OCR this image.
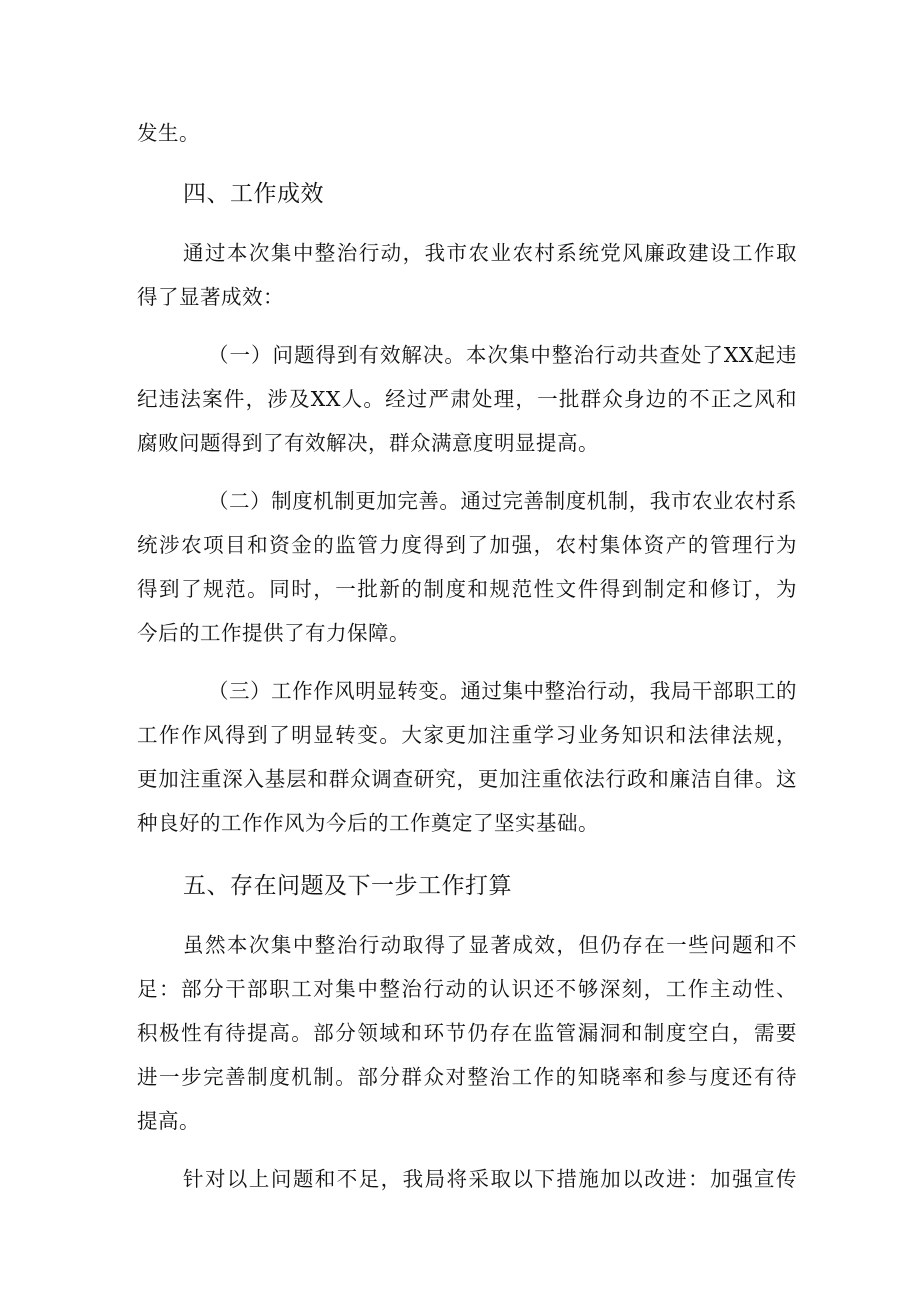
发生。
四、工作成效
通过本次集中整治行动，我市农业农村系统党风廉政建设工作取
得了显著成效：
（一）问题得到有效解决。本次集中整治行动共查处了XX起违
纪违法案件，涉及XX人。经过严肃处理，一批群众身边的不正之风和
腐败问题得到了有效解决，群众满意度明显提高。
（二）制度机制更加完善。通过完善制度机制，我市农业农村系
统涉农项目和资金的监管力度得到了加强，农村集体资产的管理行为
得到了规范。同时，一批新的制度和规范性文件得到制定和修订，为
今后的工作提供了有力保障。
（三）工作作风明显转变。通过集中整治行动，我局干部职工的
工作作风得到了明显转变。大家更加注重学习业务知识和法律法规，
更加注重深入基层和群众调查研究，更加注重依法行政和廉洁自律。这
种良好的工作作风为今后的工作奠定了坚实基础。
五、存在问题及下一步工作打算
虽然本次集中整治行动取得了显著成效，但仍存在一些问题和不
足：部分干部职工对集中整治行动的认识还不够深刻，工作主动性、
积极性有待提高。部分领域和环节仍存在监管漏洞和制度空白，需要
进一步完善制度机制。部分群众对整治工作的知晓率和参与度还有待
提高。
针对以上问题和不足，我局将采取以下措施加以改进：加强宣传
